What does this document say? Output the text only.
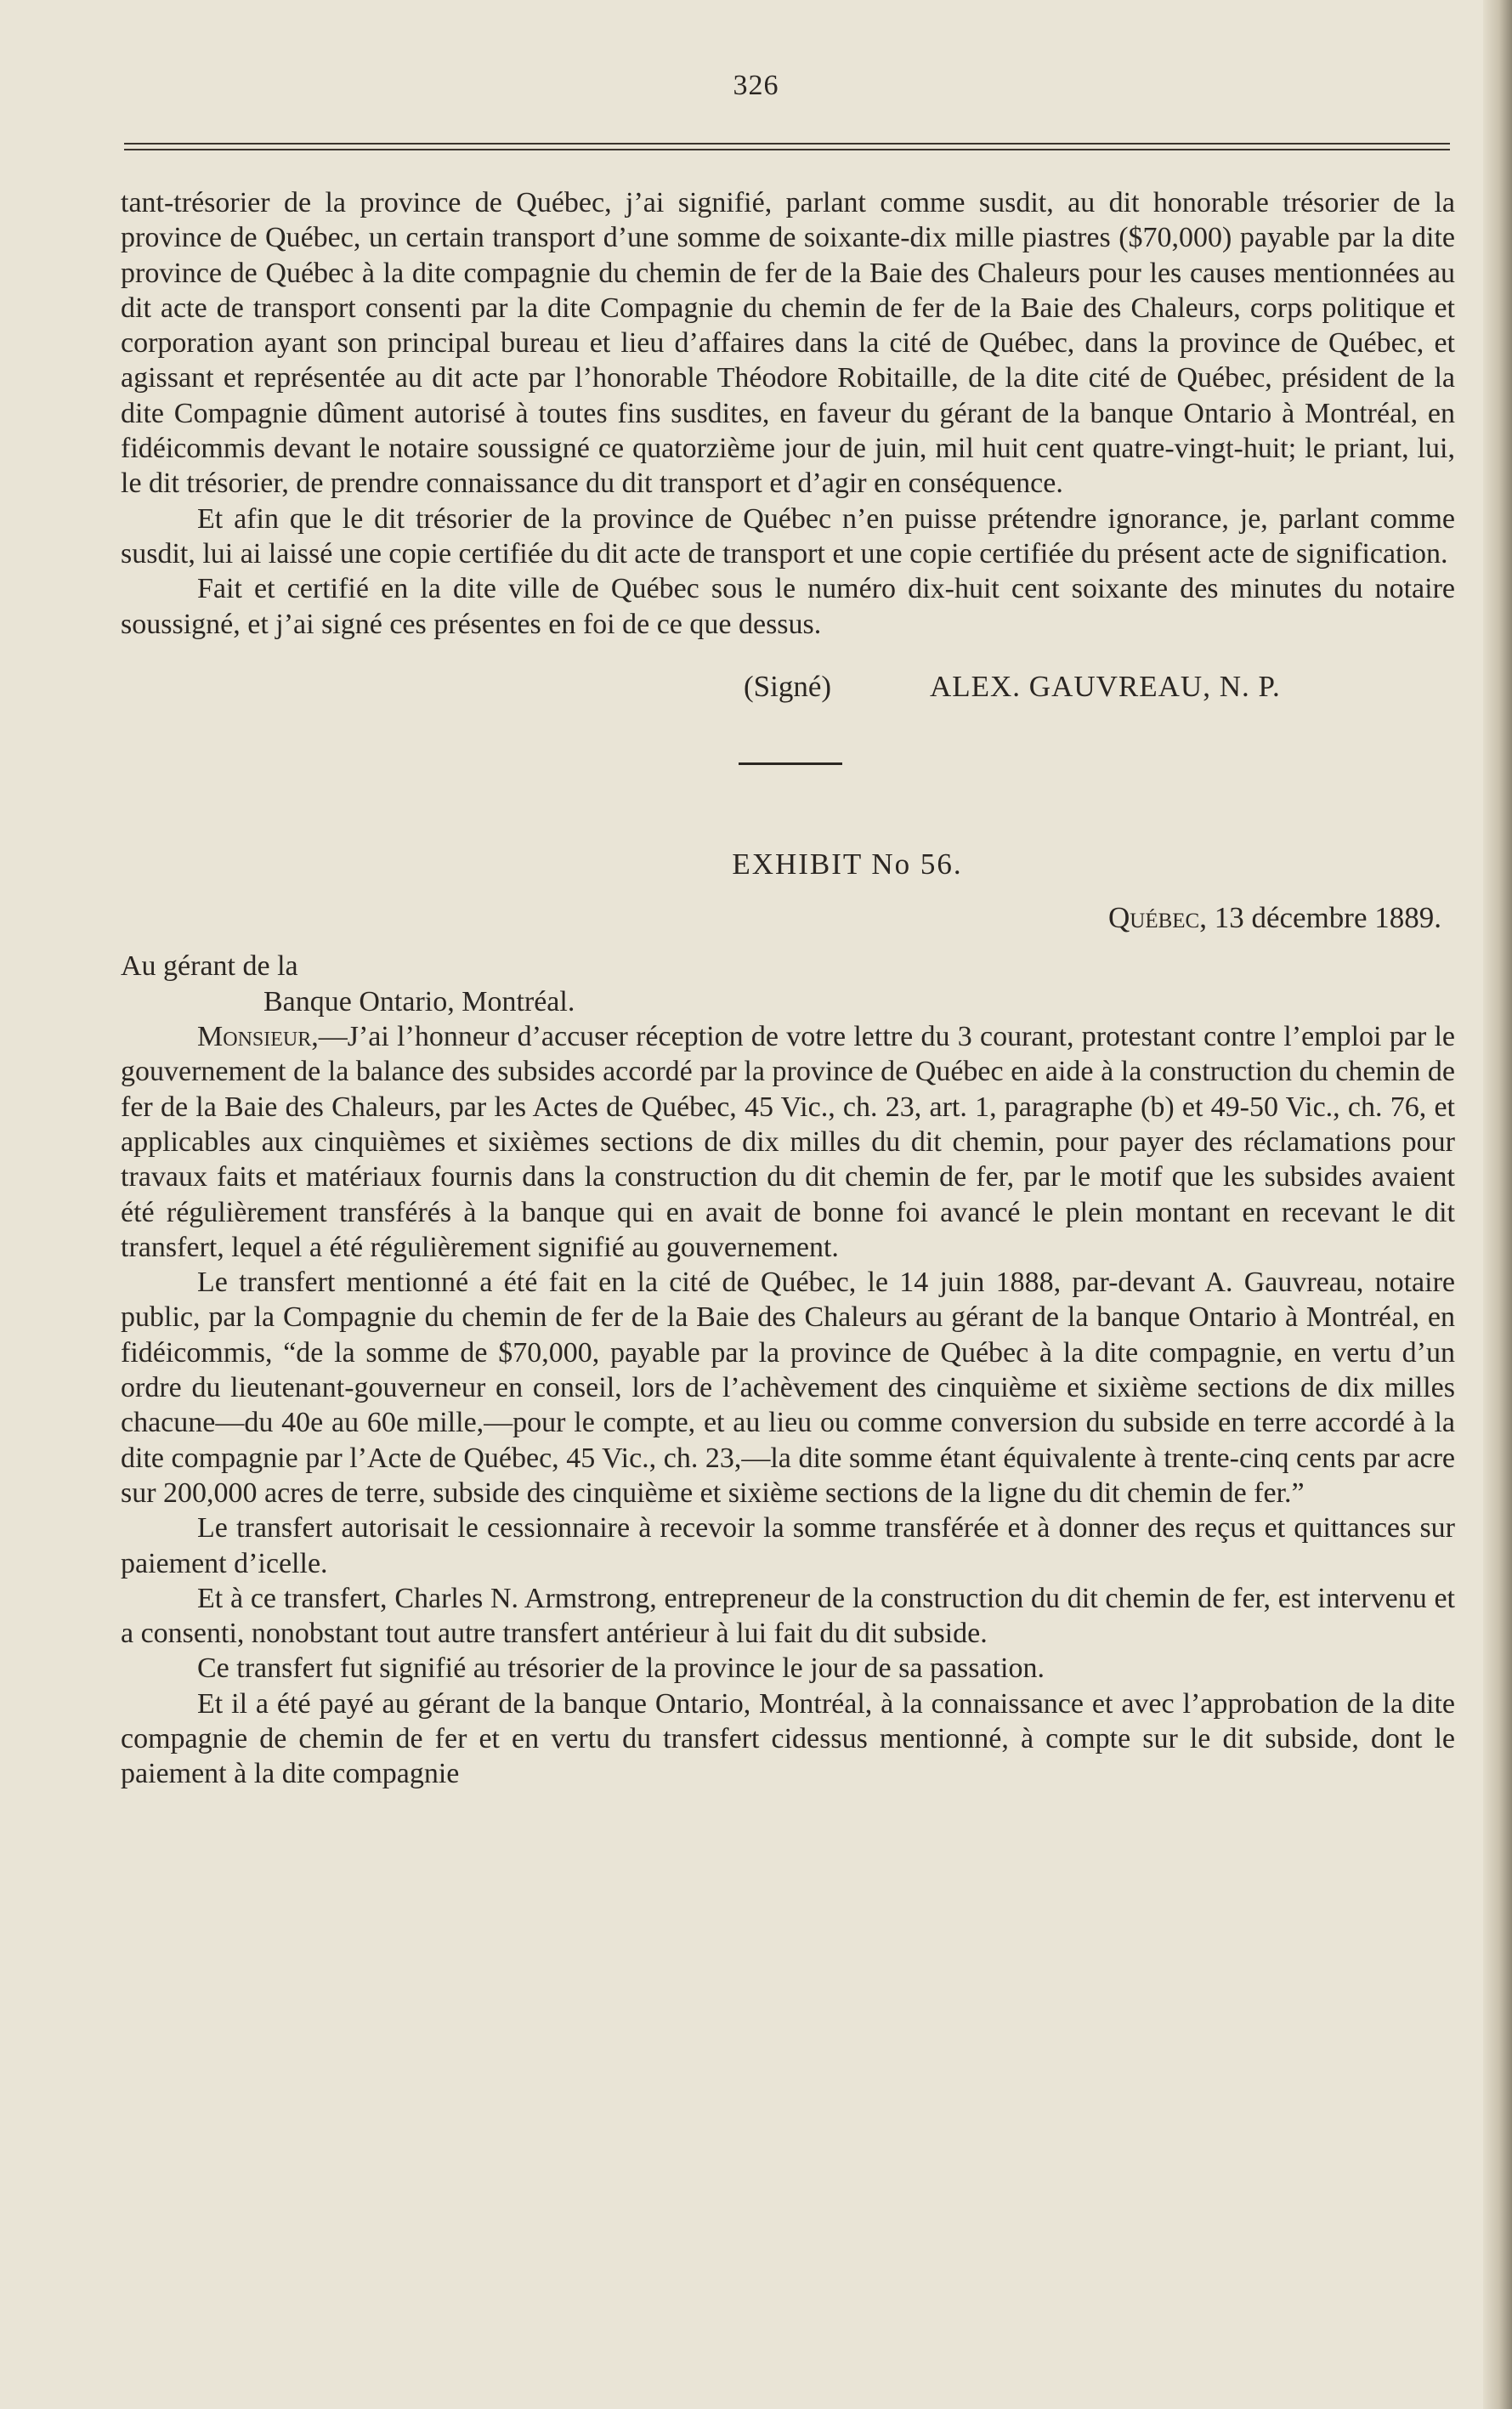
326

tant-trésorier de la province de Québec, j’ai signifié, parlant comme susdit, au dit honorable trésorier de la province de Québec, un certain transport d’une somme de soixante-dix mille piastres ($70,000) payable par la dite province de Québec à la dite compagnie du chemin de fer de la Baie des Chaleurs pour les causes mentionnées au dit acte de transport consenti par la dite Compagnie du chemin de fer de la Baie des Chaleurs, corps politique et corporation ayant son principal bureau et lieu d’affaires dans la cité de Québec, dans la province de Québec, et agissant et représentée au dit acte par l’honorable Théodore Robitaille, de la dite cité de Québec, président de la dite Compagnie dûment autorisé à toutes fins susdites, en faveur du gérant de la banque Ontario à Montréal, en fidéicommis devant le notaire soussigné ce quatorzième jour de juin, mil huit cent quatre-vingt-huit; le priant, lui, le dit trésorier, de prendre connaissance du dit transport et d’agir en conséquence.

Et afin que le dit trésorier de la province de Québec n’en puisse prétendre ignorance, je, parlant comme susdit, lui ai laissé une copie certifiée du dit acte de transport et une copie certifiée du présent acte de signification.

Fait et certifié en la dite ville de Québec sous le numéro dix-huit cent soixante des minutes du notaire soussigné, et j’ai signé ces présentes en foi de ce que dessus.

(Signé)	ALEX. GAUVREAU, N. P.
EXHIBIT No 56.
Québec, 13 décembre 1889.
Au gérant de la
Banque Ontario, Montréal.

Monsieur,—J’ai l’honneur d’accuser réception de votre lettre du 3 courant, protestant contre l’emploi par le gouvernement de la balance des subsides accordé par la province de Québec en aide à la construction du chemin de fer de la Baie des Chaleurs, par les Actes de Québec, 45 Vic., ch. 23, art. 1, paragraphe (b) et 49-50 Vic., ch. 76, et applicables aux cinquièmes et sixièmes sections de dix milles du dit chemin, pour payer des réclamations pour travaux faits et matériaux fournis dans la construction du dit chemin de fer, par le motif que les subsides avaient été régulièrement transférés à la banque qui en avait de bonne foi avancé le plein montant en recevant le dit transfert, lequel a été régulièrement signifié au gouvernement.

Le transfert mentionné a été fait en la cité de Québec, le 14 juin 1888, par-devant A. Gauvreau, notaire public, par la Compagnie du chemin de fer de la Baie des Chaleurs au gérant de la banque Ontario à Montréal, en fidéicommis, “de la somme de $70,000, payable par la province de Québec à la dite compagnie, en vertu d’un ordre du lieutenant-gouverneur en conseil, lors de l’achèvement des cinquième et sixième sections de dix milles chacune—du 40e au 60e mille,—pour le compte, et au lieu ou comme conversion du subside en terre accordé à la dite compagnie par l’Acte de Québec, 45 Vic., ch. 23,—la dite somme étant équivalente à trente-cinq cents par acre sur 200,000 acres de terre, subside des cinquième et sixième sections de la ligne du dit chemin de fer.”

Le transfert autorisait le cessionnaire à recevoir la somme transférée et à donner des reçus et quittances sur paiement d’icelle.

Et à ce transfert, Charles N. Armstrong, entrepreneur de la construction du dit chemin de fer, est intervenu et a consenti, nonobstant tout autre transfert antérieur à lui fait du dit subside.

Ce transfert fut signifié au trésorier de la province le jour de sa passation.

Et il a été payé au gérant de la banque Ontario, Montréal, à la connaissance et avec l’approbation de la dite compagnie de chemin de fer et en vertu du transfert cidessus mentionné, à compte sur le dit subside, dont le paiement à la dite compagnie
